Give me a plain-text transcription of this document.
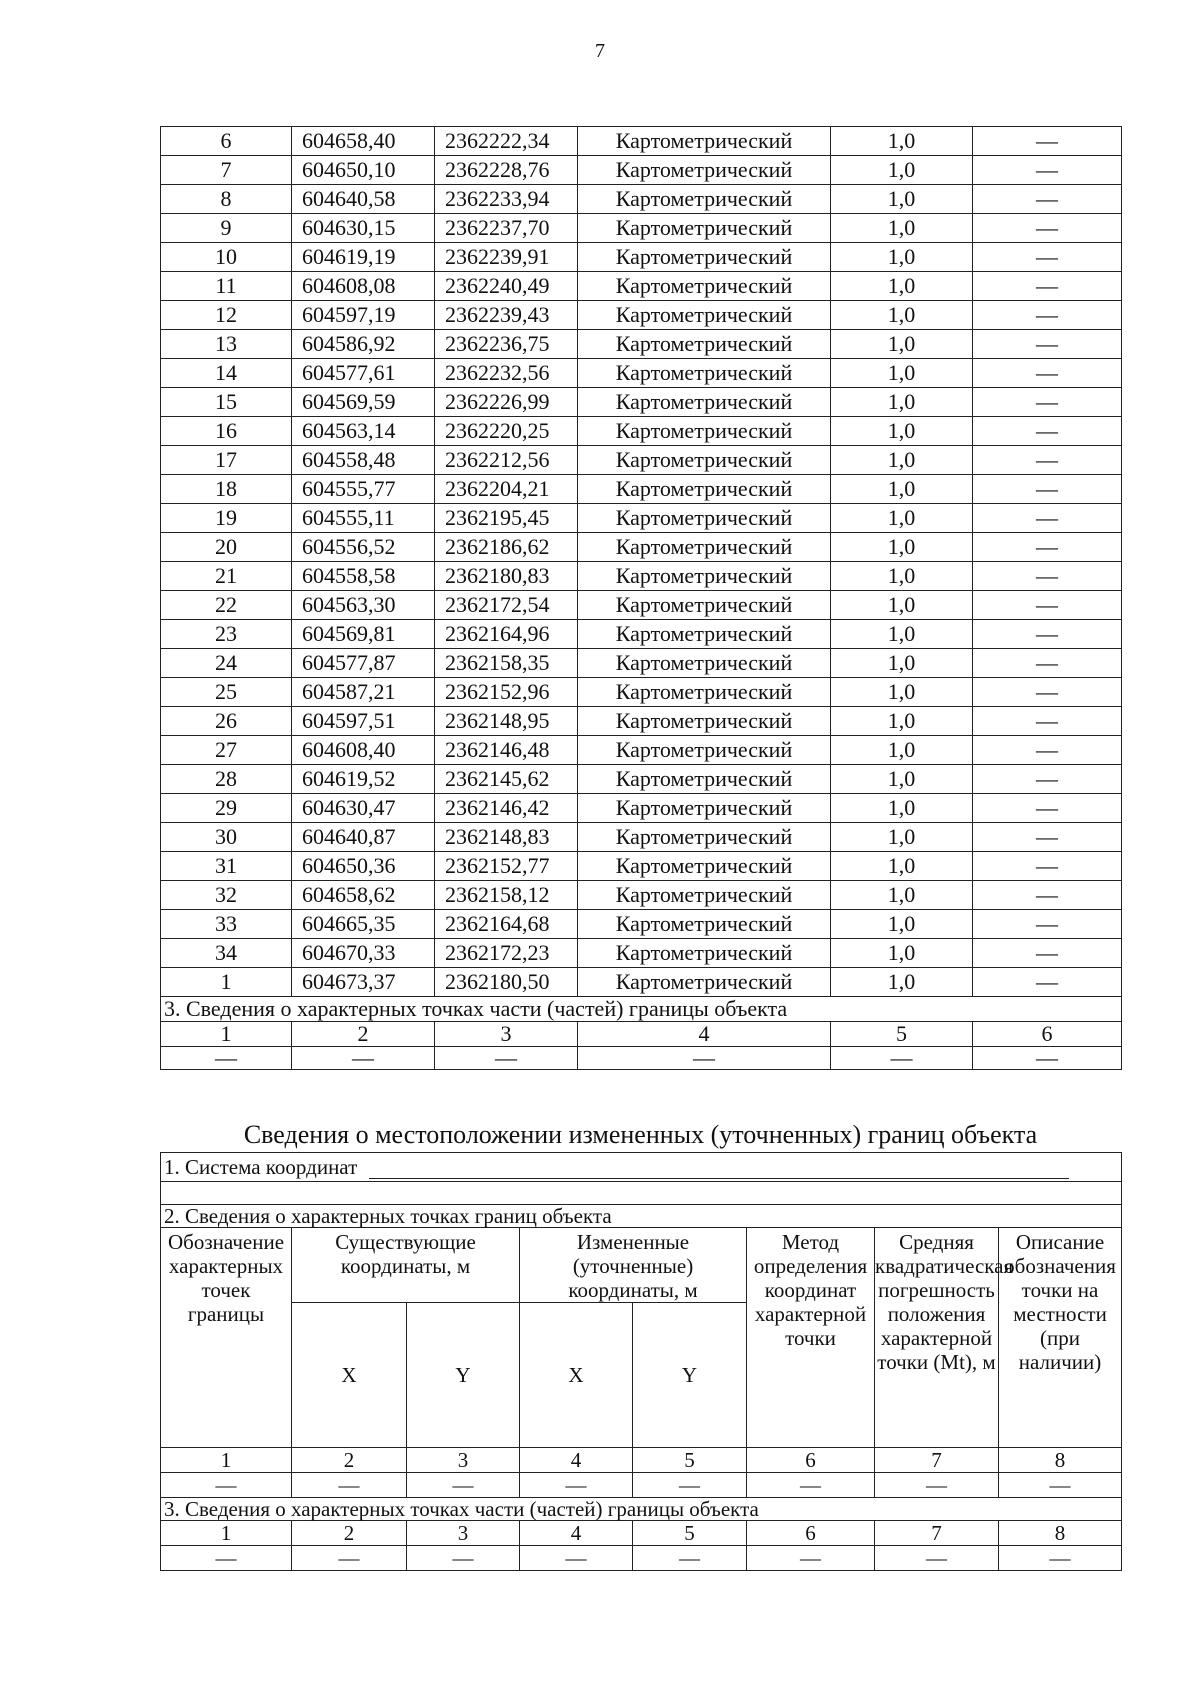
7
6	604658,40	2362222,34	Картометрический	1,0	—
7	604650,10	2362228,76	Картометрический	1,0	—
8	604640,58	2362233,94	Картометрический	1,0	—
9	604630,15	2362237,70	Картометрический	1,0	—
10	604619,19	2362239,91	Картометрический	1,0	—
11	604608,08	2362240,49	Картометрический	1,0	—
12	604597,19	2362239,43	Картометрический	1,0	—
13	604586,92	2362236,75	Картометрический	1,0	—
14	604577,61	2362232,56	Картометрический	1,0	—
15	604569,59	2362226,99	Картометрический	1,0	—
16	604563,14	2362220,25	Картометрический	1,0	—
17	604558,48	2362212,56	Картометрический	1,0	—
18	604555,77	2362204,21	Картометрический	1,0	—
19	604555,11	2362195,45	Картометрический	1,0	—
20	604556,52	2362186,62	Картометрический	1,0	—
21	604558,58	2362180,83	Картометрический	1,0	—
22	604563,30	2362172,54	Картометрический	1,0	—
23	604569,81	2362164,96	Картометрический	1,0	—
24	604577,87	2362158,35	Картометрический	1,0	—
25	604587,21	2362152,96	Картометрический	1,0	—
26	604597,51	2362148,95	Картометрический	1,0	—
27	604608,40	2362146,48	Картометрический	1,0	—
28	604619,52	2362145,62	Картометрический	1,0	—
29	604630,47	2362146,42	Картометрический	1,0	—
30	604640,87	2362148,83	Картометрический	1,0	—
31	604650,36	2362152,77	Картометрический	1,0	—
32	604658,62	2362158,12	Картометрический	1,0	—
33	604665,35	2362164,68	Картометрический	1,0	—
34	604670,33	2362172,23	Картометрический	1,0	—
1	604673,37	2362180,50	Картометрический	1,0	—
3. Сведения о характерных точках части (частей) границы объекта					
1	2	3	4	5	6
—	—	—	—	—	—
Сведения о местоположении измененных (уточненных) границ объекта
1. Система координат							

2. Сведения о характерных точках границ объекта							

Обозначение характерных точек границы	Существующие координаты, м		Измененные (уточненные) координаты, м		Метод определения координат характерной точки	Средняя квадратическая погрешность положения характерной точки (Mt), м	Описание обозначения точки на местности (при наличии)
	X	Y	X	Y			
1	2	3	4	5	6	7	8
—	—	—	—	—	—	—	—
3. Сведения о характерных точках части (частей) границы объекта							
1	2	3	4	5	6	7	8
—	—	—	—	—	—	—	—
